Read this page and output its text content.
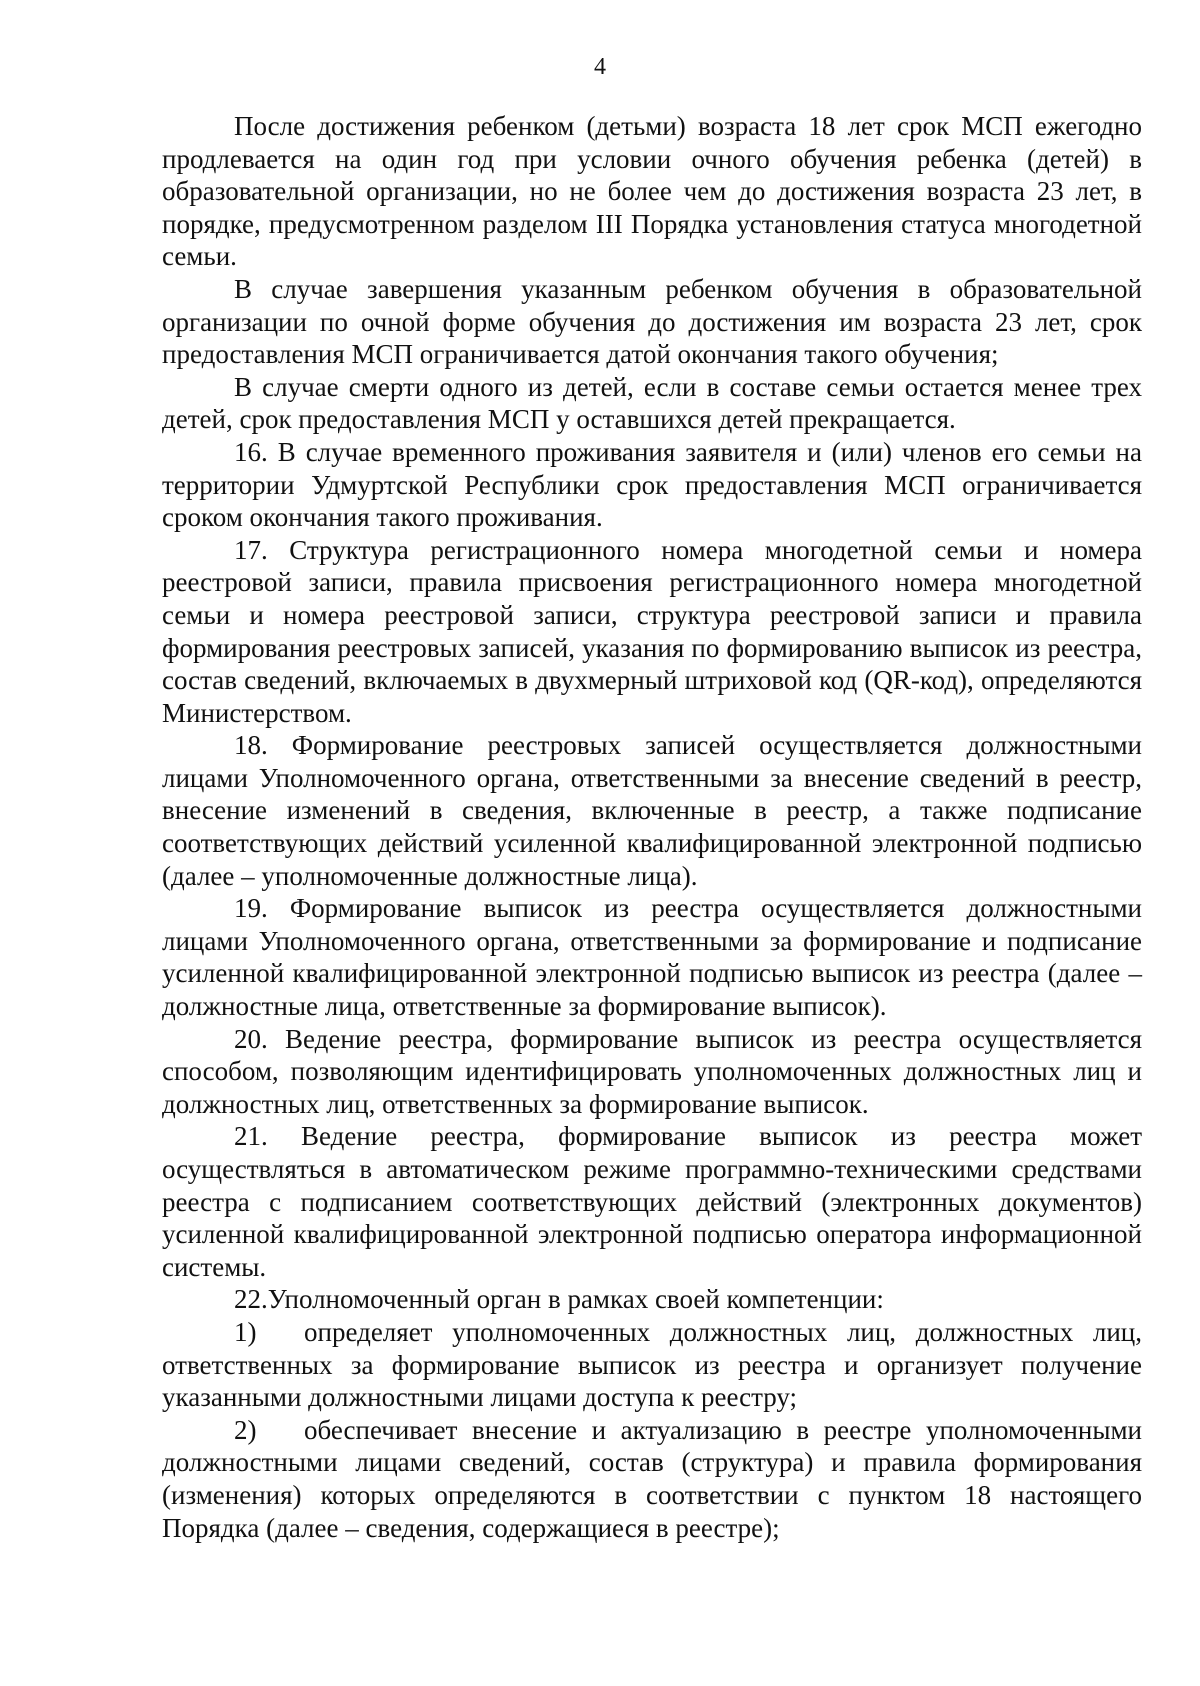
4

После достижения ребенком (детьми) возраста 18 лет срок МСП ежегодно продлевается на один год при условии очного обучения ребенка (детей) в образовательной организации, но не более чем до достижения возраста 23 лет, в порядке, предусмотренном разделом III Порядка установления статуса многодетной семьи.

В случае завершения указанным ребенком обучения в образовательной организации по очной форме обучения до достижения им возраста 23 лет, срок предоставления МСП ограничивается датой окончания такого обучения;

В случае смерти одного из детей, если в составе семьи остается менее трех детей, срок предоставления МСП у оставшихся детей прекращается.

16. В случае временного проживания заявителя и (или) членов его семьи на территории Удмуртской Республики срок предоставления МСП ограничивается сроком окончания такого проживания.

17. Структура регистрационного номера многодетной семьи и номера реестровой записи, правила присвоения регистрационного номера многодетной семьи и номера реестровой записи, структура реестровой записи и правила формирования реестровых записей, указания по формированию выписок из реестра, состав сведений, включаемых в двухмерный штриховой код (QR-код), определяются Министерством.

18. Формирование реестровых записей осуществляется должностными лицами Уполномоченного органа, ответственными за внесение сведений в реестр, внесение изменений в сведения, включенные в реестр, а также подписание соответствующих действий усиленной квалифицированной электронной подписью (далее – уполномоченные должностные лица).

19. Формирование выписок из реестра осуществляется должностными лицами Уполномоченного органа, ответственными за формирование и подписание усиленной квалифицированной электронной подписью выписок из реестра (далее – должностные лица, ответственные за формирование выписок).

20. Ведение реестра, формирование выписок из реестра осуществляется способом, позволяющим идентифицировать уполномоченных должностных лиц и должностных лиц, ответственных за формирование выписок.

21. Ведение реестра, формирование выписок из реестра может осуществляться в автоматическом режиме программно-техническими средствами реестра с подписанием соответствующих действий (электронных документов) усиленной квалифицированной электронной подписью оператора информационной системы.

22.Уполномоченный орган в рамках своей компетенции:

1) определяет уполномоченных должностных лиц, должностных лиц, ответственных за формирование выписок из реестра и организует получение указанными должностными лицами доступа к реестру;

2) обеспечивает внесение и актуализацию в реестре уполномоченными должностными лицами сведений, состав (структура) и правила формирования (изменения) которых определяются в соответствии с пунктом 18 настоящего Порядка (далее – сведения, содержащиеся в реестре);
